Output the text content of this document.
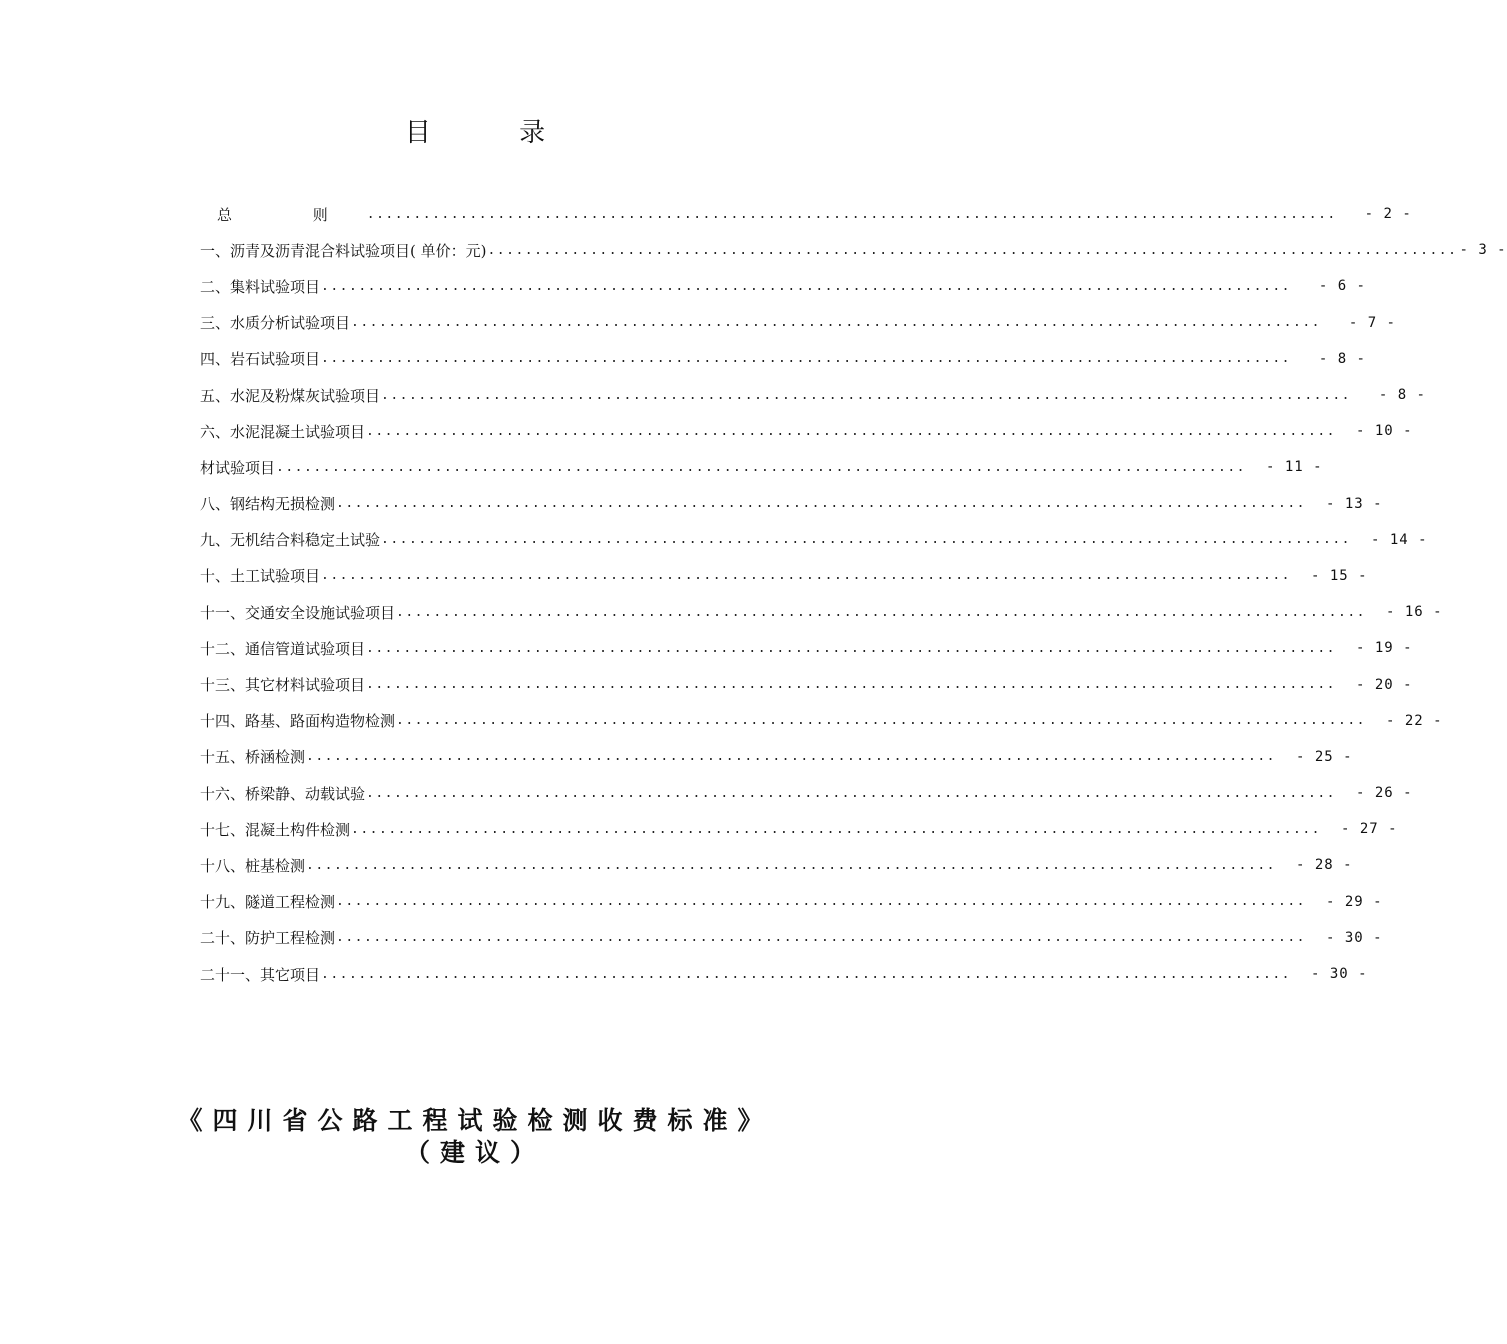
目 录
总 则 ........................................................................................................	- 2 -
一、沥青及沥青混合料试验项目( 单价：元) ........................................................................................................ - 3 -
二、集料试验项目 ........................................................................................................	- 6 -
三、水质分析试验项目 ........................................................................................................	- 7 -
四、岩石试验项目 ........................................................................................................	- 8 -
五、水泥及粉煤灰试验项目 ........................................................................................................	- 8 -
六、水泥混凝土试验项目 ........................................................................................................ - 10 -
材试验项目 ........................................................................................................ - 11 -
八、钢结构无损检测 ........................................................................................................ - 13 -
九、无机结合料稳定土试验 ........................................................................................................ - 14 -
十、土工试验项目 ........................................................................................................ - 15 -
十一、交通安全设施试验项目 ........................................................................................................ - 16 -
十二、通信管道试验项目 ........................................................................................................ - 19 -
十三、其它材料试验项目 ........................................................................................................ - 20 -
十四、路基、路面构造物检测 ........................................................................................................ - 22 -
十五、桥涵检测 ........................................................................................................ - 25 -
十六、桥梁静、动载试验 ........................................................................................................ - 26 -
十七、混凝土构件检测 ........................................................................................................ - 27 -
十八、桩基检测 ........................................................................................................ - 28 -
十九、隧道工程检测 ........................................................................................................ - 29 -
二十、防护工程检测 ........................................................................................................ - 30 -
二十一、其它项目 ........................................................................................................ - 30 -
《四川省公路工程试验检测收费标准》
（建议）
